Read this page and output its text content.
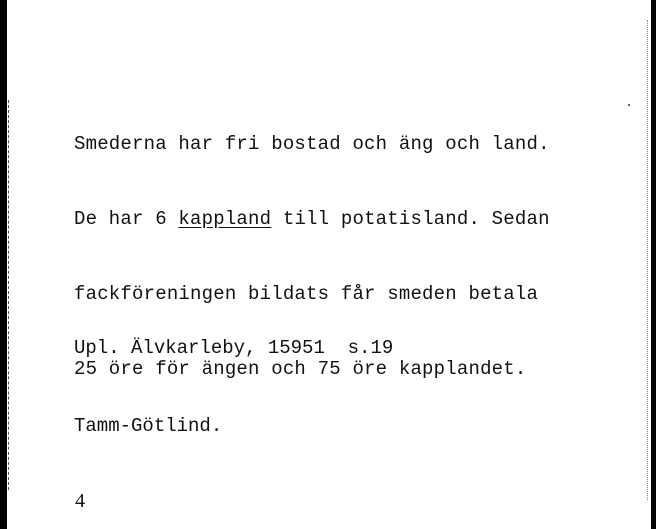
Smederna har fri bostad och äng och land.

De har 6 kappland till potatisland. Sedan

fackföreningen bildats får smeden betala

25 öre för ängen och 75 öre kapplandet.

Upl. Älvkarleby, 15951  s.19

Tamm-Götlind.

4
